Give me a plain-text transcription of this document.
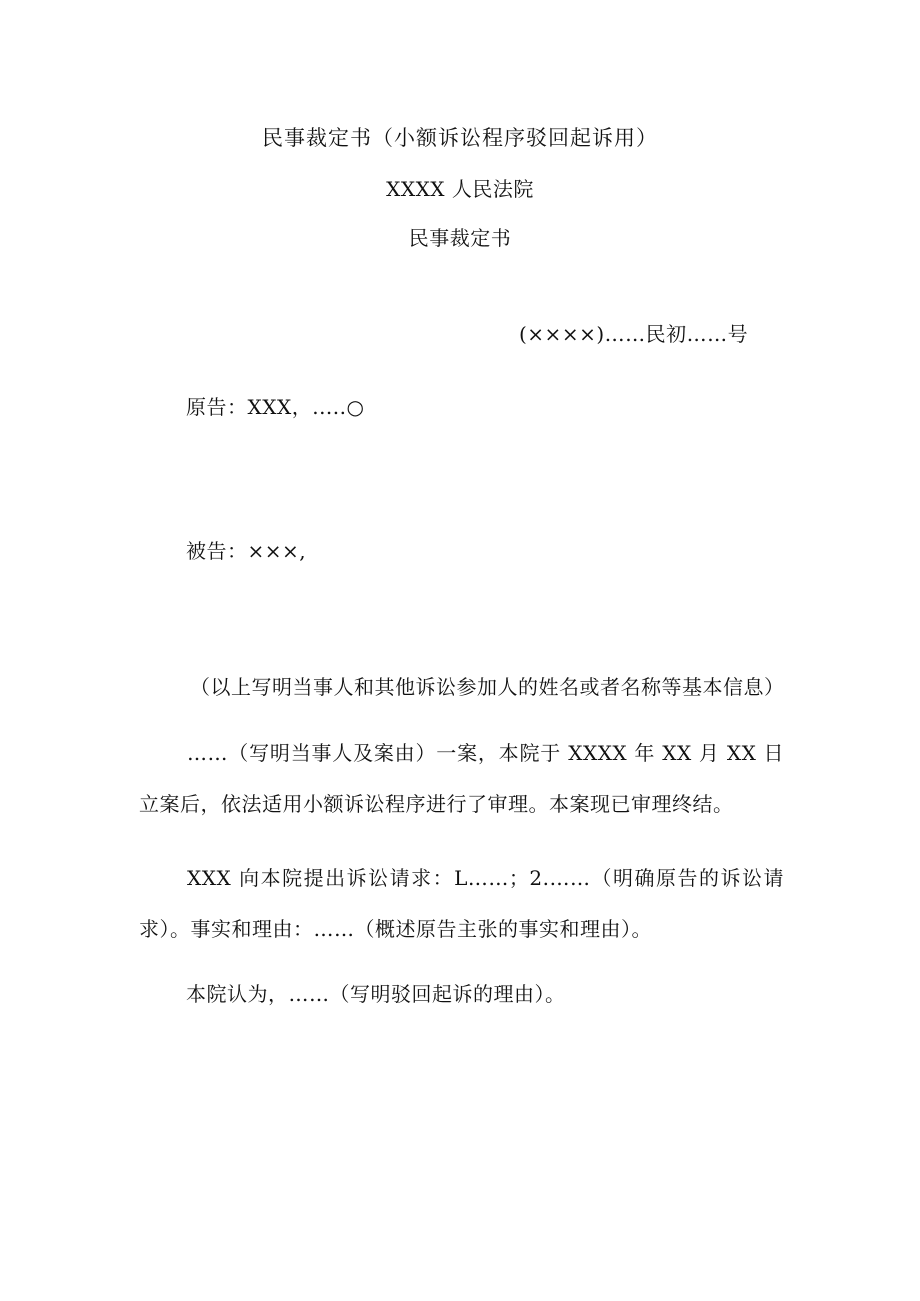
民事裁定书（小额诉讼程序驳回起诉用）

XXXX 人民法院

民事裁定书

(××××)……民初……号

原告：XXX，.....○

被告：×××,

（以上写明当事人和其他诉讼参加人的姓名或者名称等基本信息）

……（写明当事人及案由）一案，本院于 XXXX 年 XX 月 XX 日立案后，依法适用小额诉讼程序进行了审理。本案现已审理终结。

XXX 向本院提出诉讼请求：L……；2.……（明确原告的诉讼请求）。事实和理由：……（概述原告主张的事实和理由）。

本院认为，……（写明驳回起诉的理由）。
